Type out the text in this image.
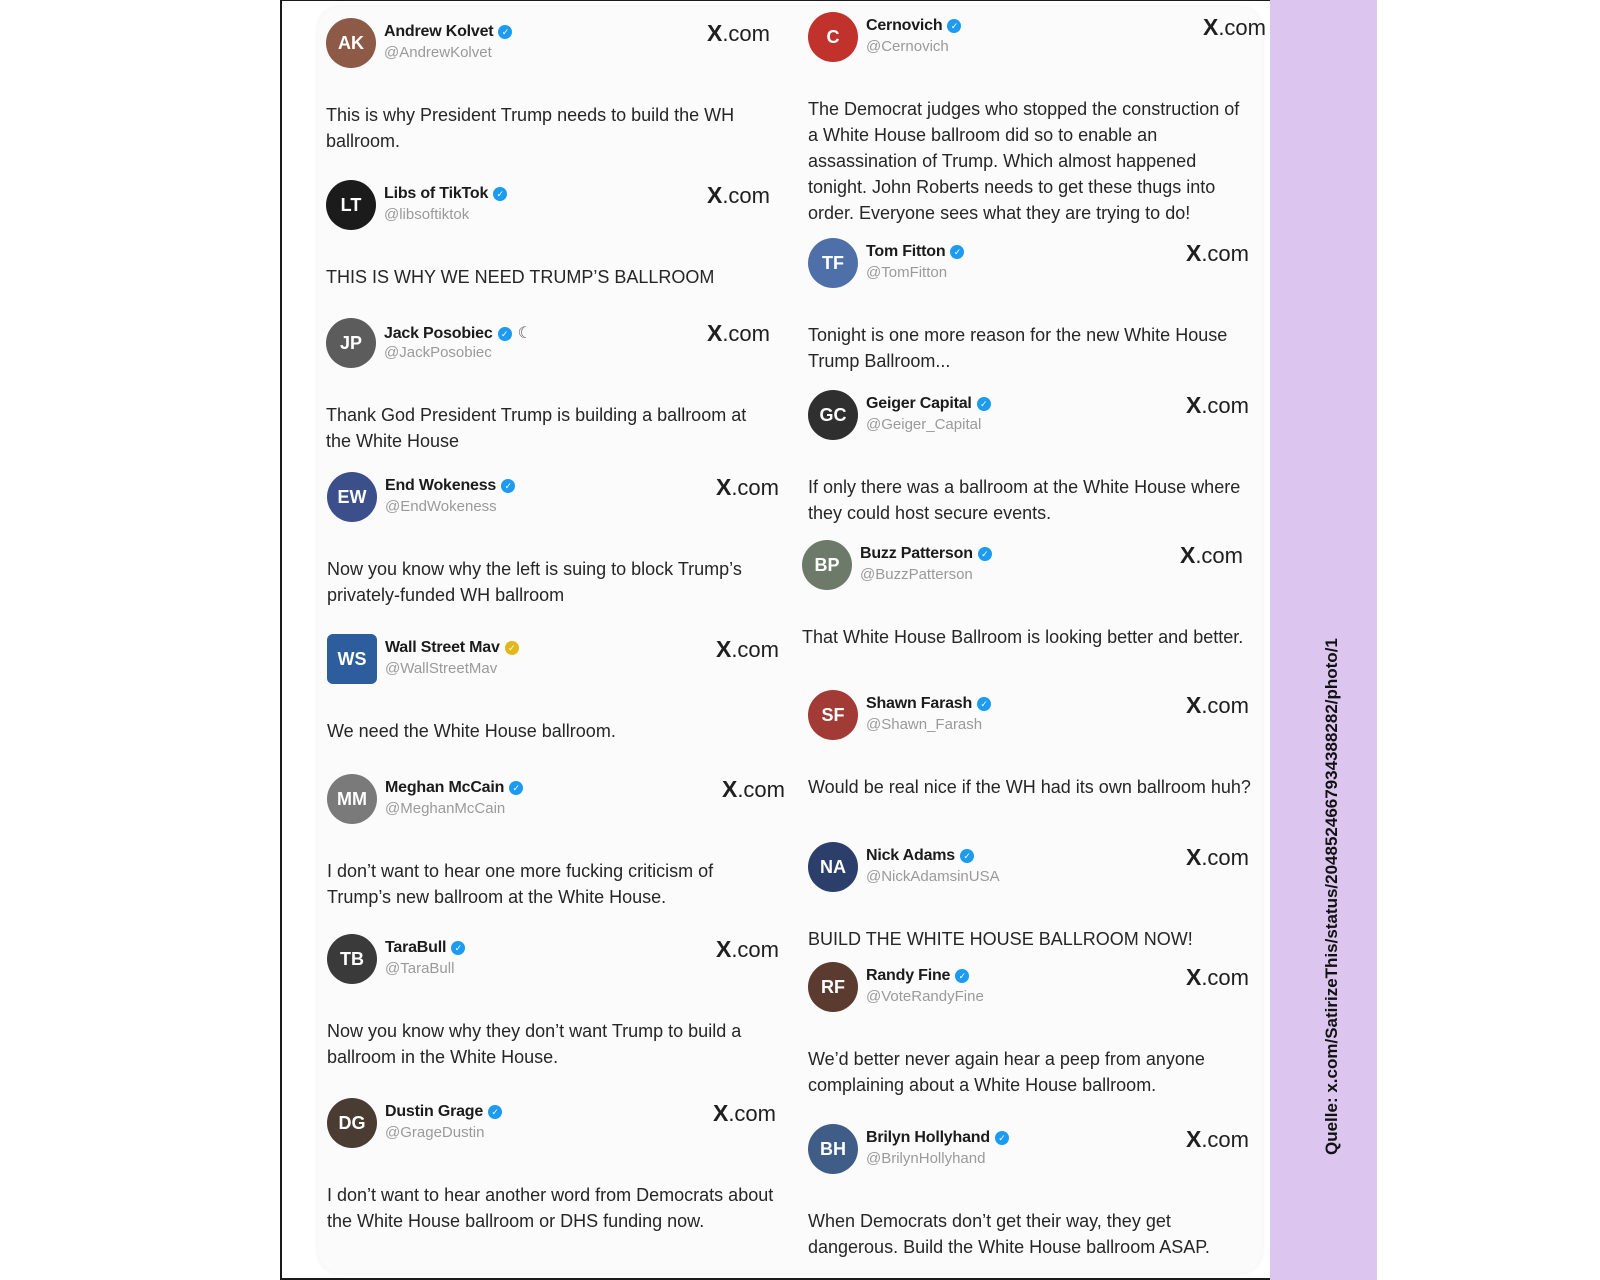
AK
Andrew Kolvet ✓
@AndrewKolvet
X.com
This is why President Trump needs to build the WH ballroom.
LT
Libs of TikTok ✓
@libsoftiktok
X.com
THIS IS WHY WE NEED TRUMP’S BALLROOM
JP	Jack Posobiec ✓ ☾
@JackPosobiec
X.com
Thank God President Trump is building a ballroom at the White House
EW
End Wokeness ✓
@EndWokeness
X.com
Now you know why the left is suing to block Trump’s privately-funded WH ballroom
WS
Wall Street Mav ✓
@WallStreetMav
X.com
We need the White House ballroom.
MM
Meghan McCain ✓
@MeghanMcCain
X.com
I don’t want to hear one more fucking criticism of Trump’s new ballroom at the White House.
TB
TaraBull ✓
@TaraBull
X.com
Now you know why they don’t want Trump to build a ballroom in the White House.
DG
Dustin Grage ✓
@GrageDustin
X.com
I don’t want to hear another word from Democrats about the White House ballroom or DHS funding now.
C
Cernovich ✓
@Cernovich
X.com
The Democrat judges who stopped the construction of a White House ballroom did so to enable an assassination of Trump. Which almost happened tonight. John Roberts needs to get these thugs into order. Everyone sees what they are trying to do!
TF
Tom Fitton ✓
@TomFitton
X.com
Tonight is one more reason for the new White House Trump Ballroom...
GC
Geiger Capital ✓
@Geiger_Capital
X.com
If only there was a ballroom at the White House where they could host secure events.
BP
Buzz Patterson ✓
@BuzzPatterson
X.com
That White House Ballroom is looking better and better.
SF
Shawn Farash ✓
@Shawn_Farash
X.com
Would be real nice if the WH had its own ballroom huh?
NA
Nick Adams ✓
@NickAdamsinUSA
X.com
BUILD THE WHITE HOUSE BALLROOM NOW!
RF
Randy Fine ✓
@VoteRandyFine
X.com
We’d better never again hear a peep from anyone complaining about a White House ballroom.
BH
Brilyn Hollyhand ✓
@BrilynHollyhand
X.com
When Democrats don’t get their way, they get dangerous. Build the White House ballroom ASAP.
Quelle: x.com/SatirizeThis/status/2048524667934388282/photo/1
